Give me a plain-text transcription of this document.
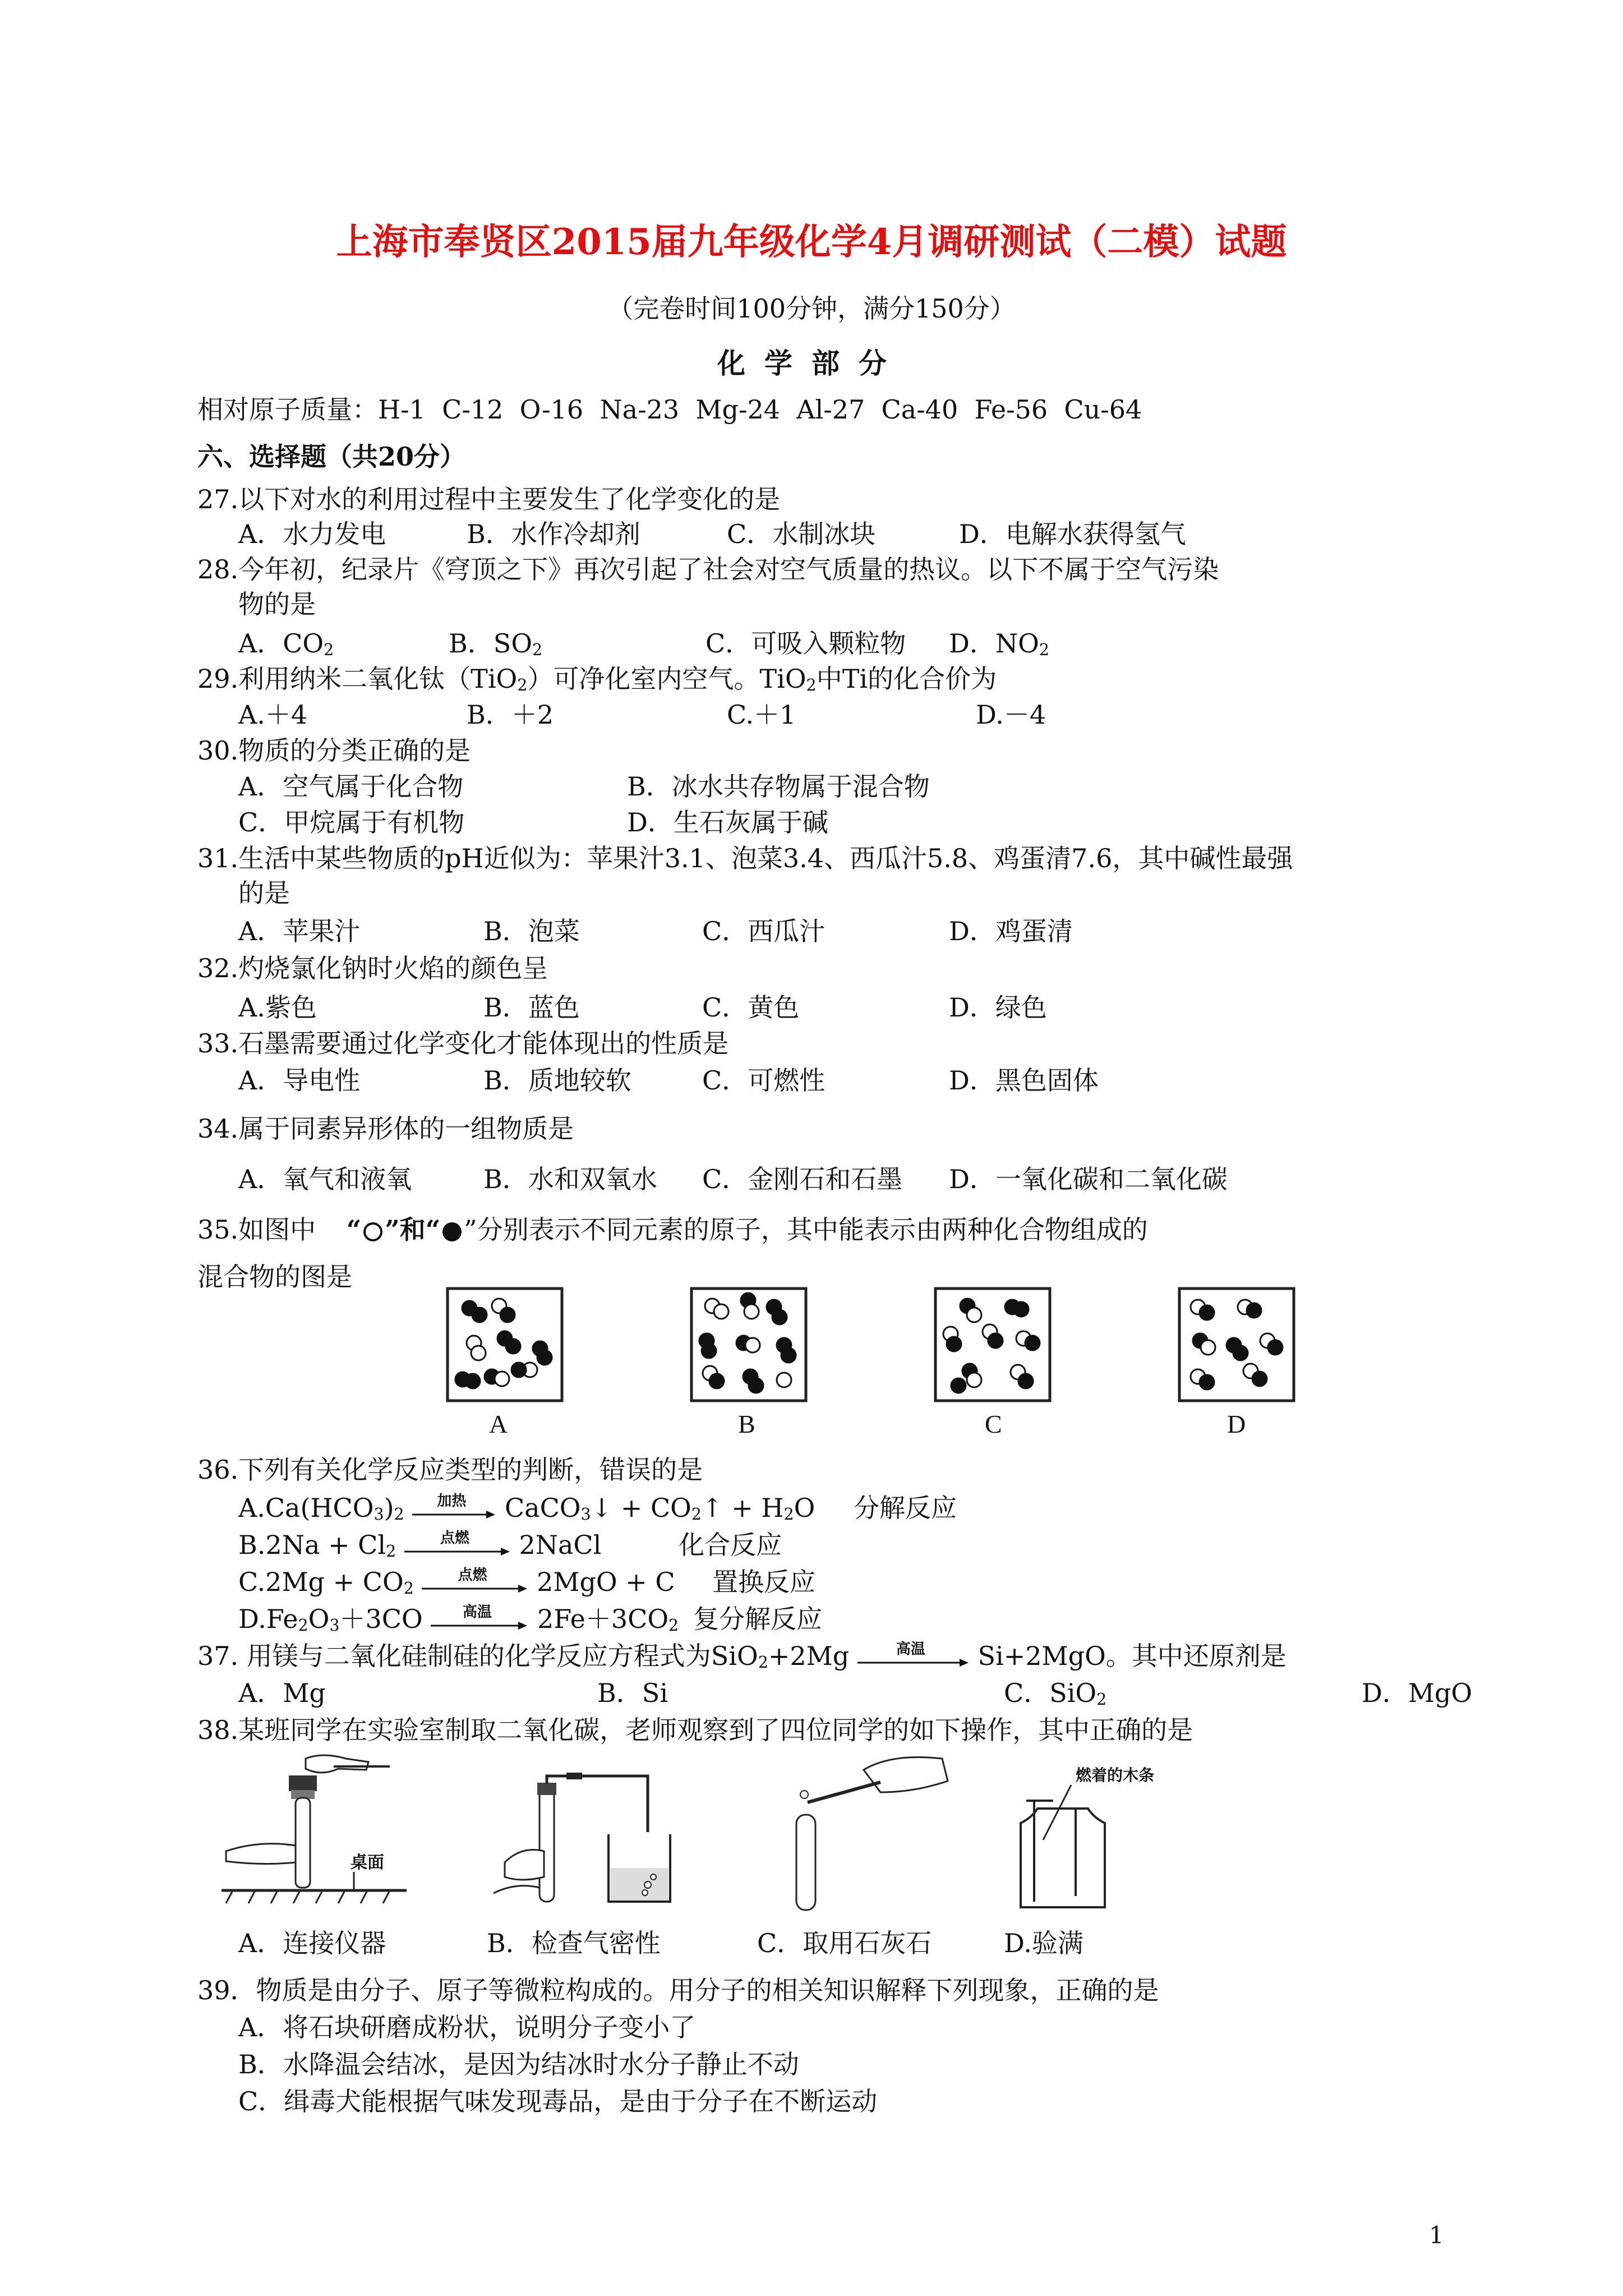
上海市奉贤区2015届九年级化学4月调研测试（二模）试题
（完卷时间100分钟，满分150分）
化学部分
相对原子质量：H-1  C-12  O-16  Na-23  Mg-24  Al-27  Ca-40  Fe-56  Cu-64
六、选择题（共20分）
27.以下对水的利用过程中主要发生了化学变化的是
A．水力发电	B．水作冷却剂	C．水制冰块	D．电解水获得氢气
28.今年初，纪录片《穹顶之下》再次引起了社会对空气质量的热议。以下不属于空气污染
物的是
A．$CO_2$	B．$SO_2$	C．可吸入颗粒物 D．$NO_2$
29.利用纳米二氧化钛（TiO$_2$）可净化室内空气。TiO$_2$中Ti的化合价为
A.＋4	B．＋2	C.＋1	D.－4
30.物质的分类正确的是
A．空气属于化合物	B．冰水共存物属于混合物
C．甲烷属于有机物	D．生石灰属于碱
31.生活中某些物质的pH近似为：苹果汁3.1、泡菜3.4、西瓜汁5.8、鸡蛋清7.6，其中碱性最强
的是
A．苹果汁	B．泡菜	C．西瓜汁	D．鸡蛋清
32.灼烧氯化钠时火焰的颜色呈
A.紫色	B．蓝色	C．黄色	D．绿色
33.石墨需要通过化学变化才能体现出的性质是
A．导电性	B．质地较软	C．可燃性	D．黑色固体
34.属于同素异形体的一组物质是
A．氧气和液氧	B．水和双氧水 C．金刚石和石墨 D．一氧化碳和二氧化碳
35.如图中 “ ”和“ ”分别表示不同元素的原子，其中能表示由两种化合物组成的
混合物的图是
A	B	C	D
36.下列有关化学反应类型的判断，错误的是
$A.Ca(HCO_3)_2$
加热	CaCO$_3$↓ + $CO_2↑ + H_2O$ 分解反应
$B.2Na + Cl_2$
点燃	2NaCl	化合反应
$C.2Mg + CO_2$
点燃	2MgO + C 置换反应
$D.Fe_2O_3+3CO$	高温	$2Fe+3CO_2$ 复分解反应
37. 用镁与二氧化硅制硅的化学反应方程式为SiO$_2$+2Mg	高温	Si+2MgO。其中还原剂是
A．Mg	B．Si	C．SiO$_2$	D．MgO
38.某班同学在实验室制取二氧化碳，老师观察到了四位同学的如下操作，其中正确的是
桌面
A．连接仪器	B．检查气密性	C．取用石灰石
燃着的木条
D.验满
39．物质是由分子、原子等微粒构成的。用分子的相关知识解释下列现象，正确的是
A．将石块研磨成粉状，说明分子变小了
B．水降温会结冰，是因为结冰时水分子静止不动
C．缉毒犬能根据气味发现毒品，是由于分子在不断运动
1
